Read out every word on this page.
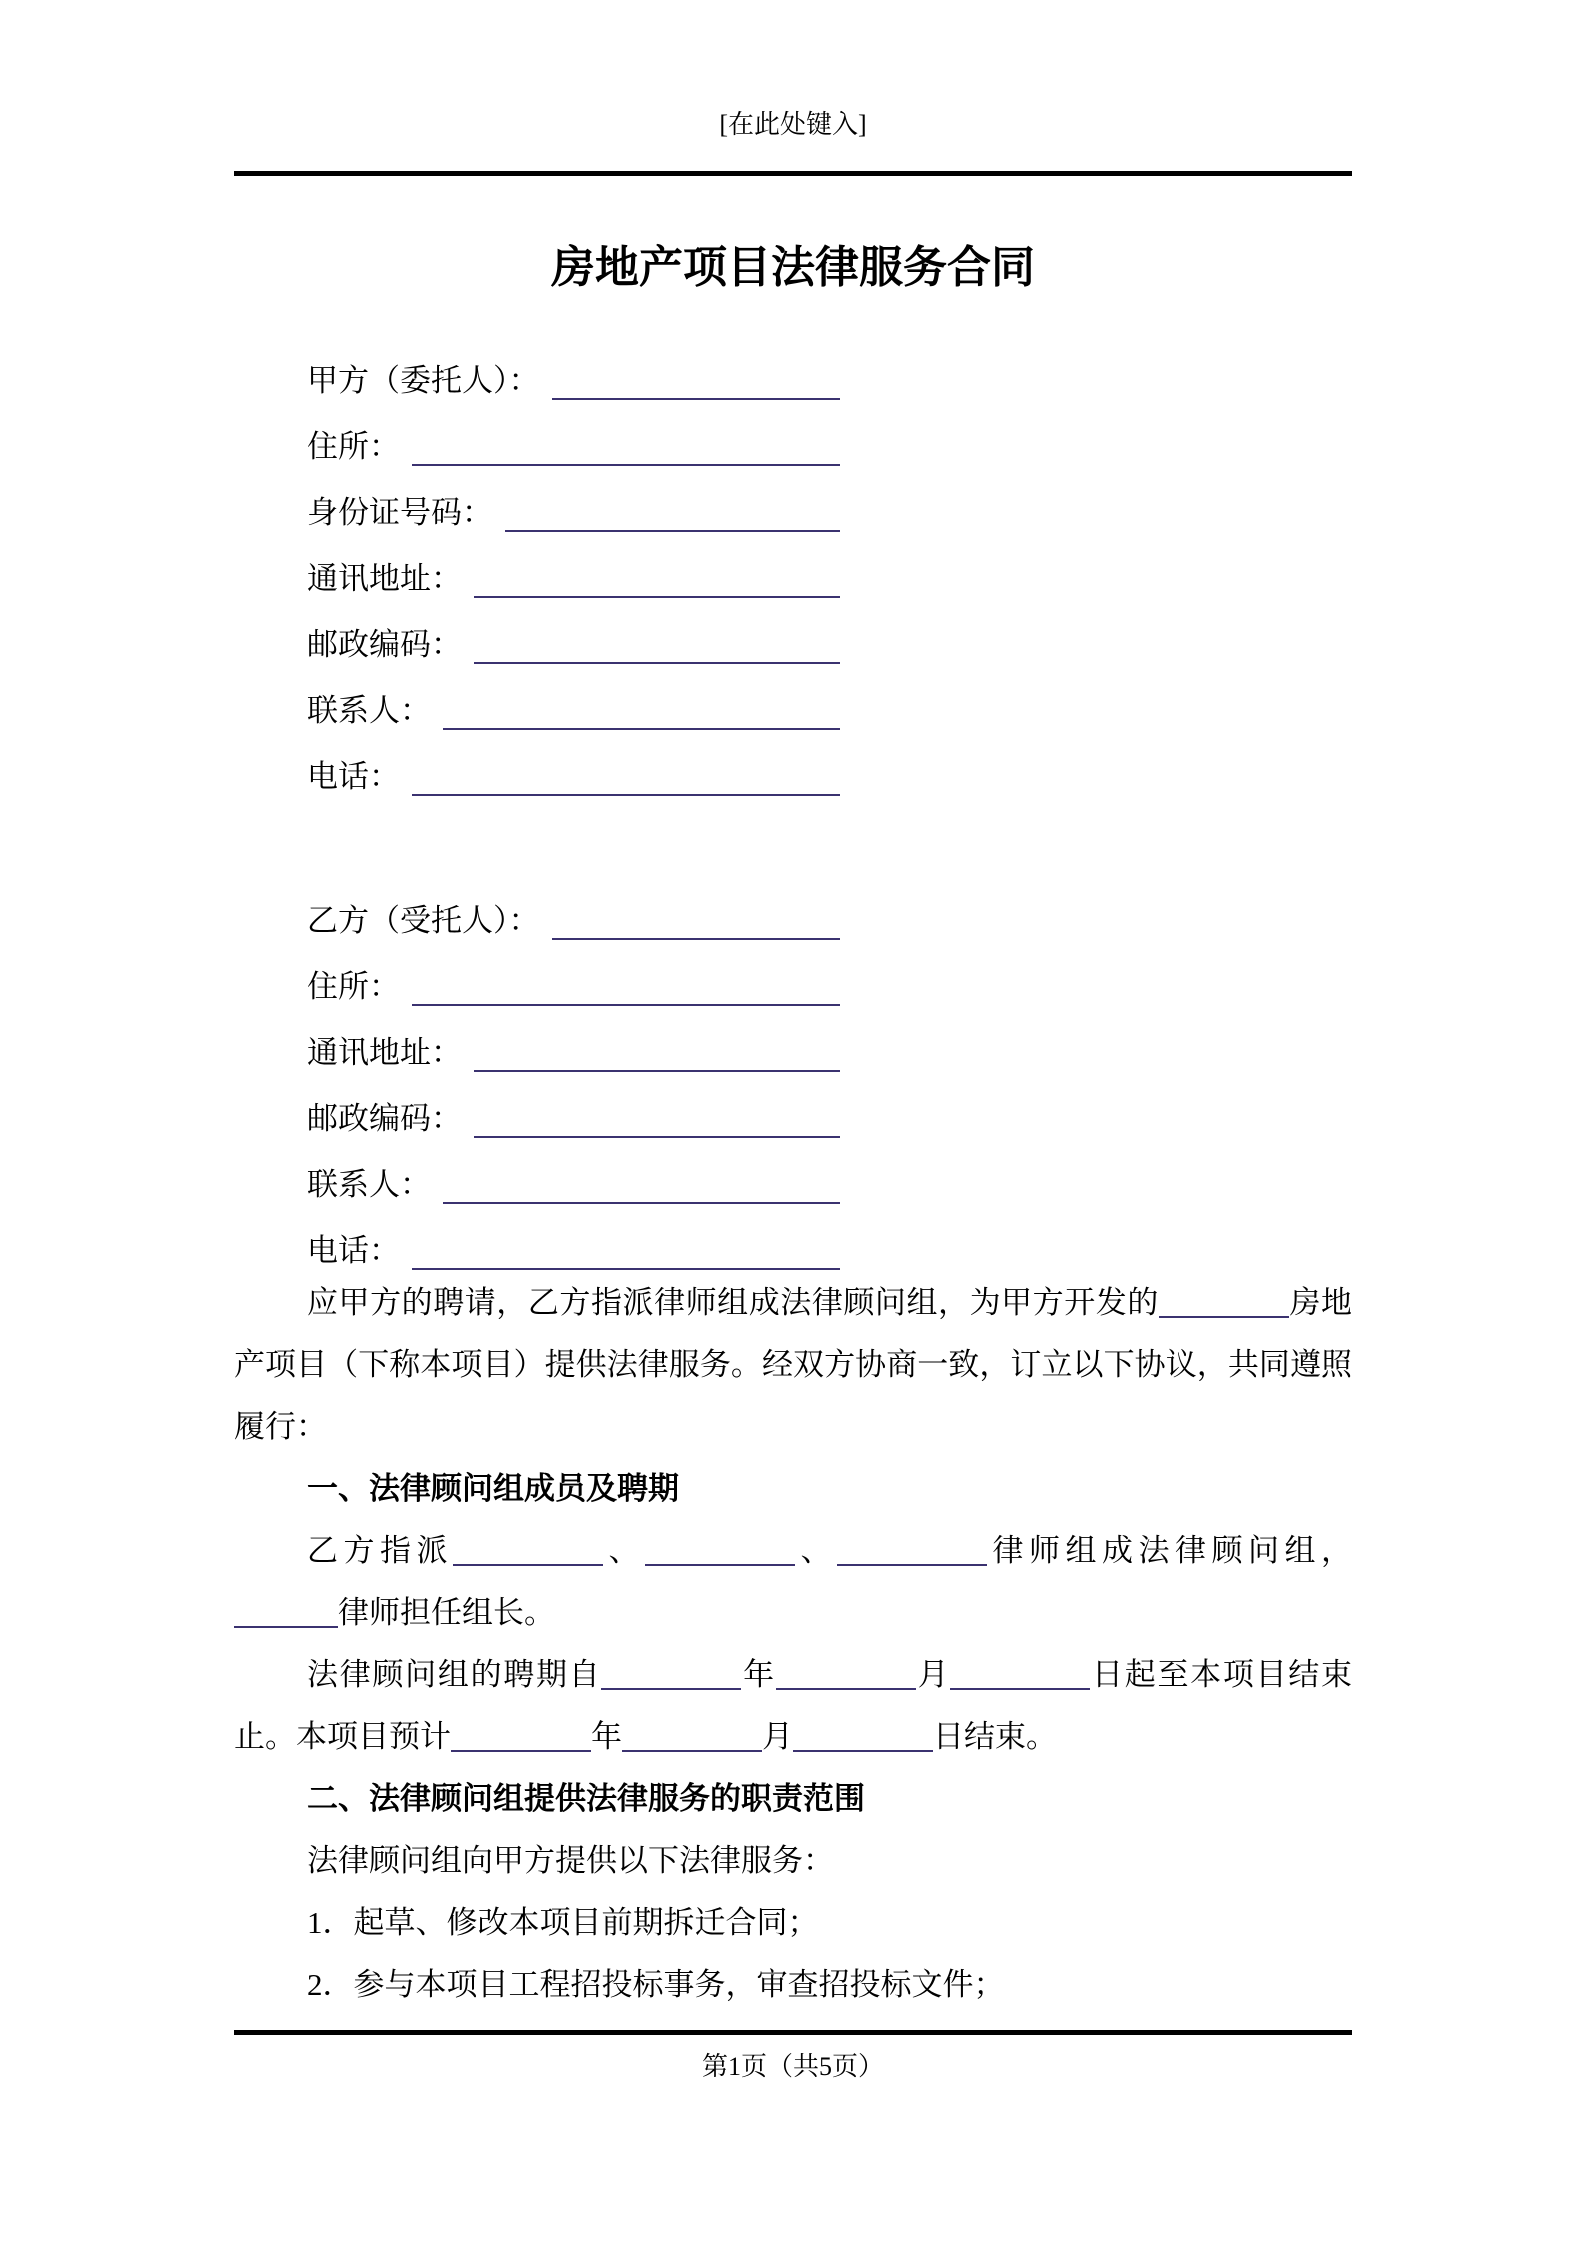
[在此处键入]
房地产项目法律服务合同
甲方（委托人）：
住所：
身份证号码：
通讯地址：
邮政编码：
联系人：
电话：
乙方（受托人）：
住所：
通讯地址：
邮政编码：
联系人：
电话：

应甲方的聘请，乙方指派律师组成法律顾问组，为甲方开发的	房地产项目（下称本项目）提供法律服务。经双方协商一致，订立以下协议，共同遵照履行：

一、法律顾问组成员及聘期

乙方指派	、	、	律师组成法律顾问组，律师担任组长。

法律顾问组的聘期自	年	月	日起至本项目结束止。本项目预计	年	月	日结束。

二、法律顾问组提供法律服务的职责范围

法律顾问组向甲方提供以下法律服务：

1．起草、修改本项目前期拆迁合同；

2．参与本项目工程招投标事务，审查招投标文件；

第1页（共5页）
